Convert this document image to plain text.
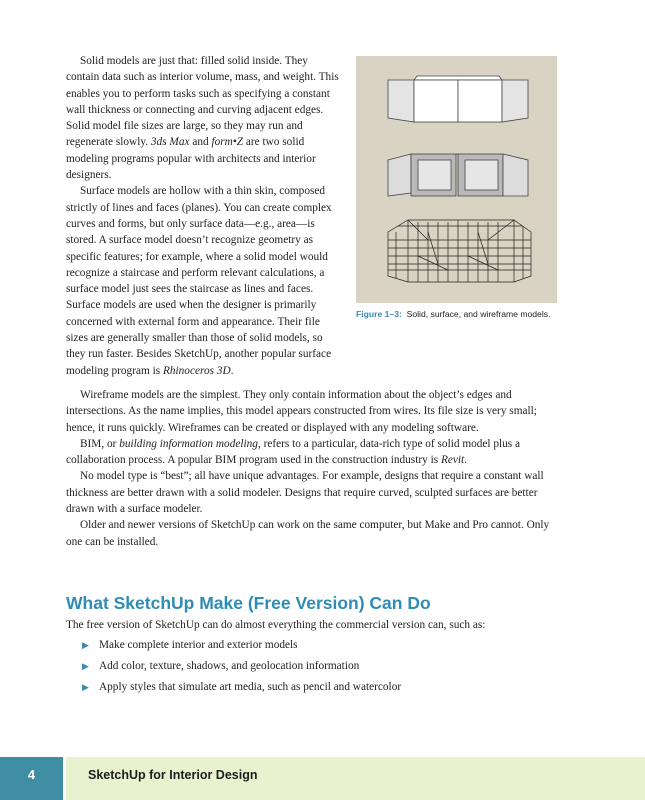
Solid models are just that: filled solid inside. They contain data such as interior volume, mass, and weight. This enables you to perform tasks such as specifying a constant wall thickness or connecting and curving adjacent edges. Solid model file sizes are large, so they may run and regenerate slowly. 3ds Max and form•Z are two solid modeling programs popular with architects and interior designers.

Surface models are hollow with a thin skin, composed strictly of lines and faces (planes). You can create complex curves and forms, but only surface data—e.g., area—is stored. A surface model doesn’t recognize geometry as specific features; for example, where a solid model would recognize a staircase and perform relevant calculations, a surface model just sees the staircase as lines and faces. Surface models are used when the designer is primarily concerned with external form and appearance. Their file sizes are generally smaller than those of solid models, so they run faster. Besides SketchUp, another popular surface modeling program is Rhinoceros 3D.

Figure 1–3: Solid, surface, and wireframe models.

Wireframe models are the simplest. They only contain information about the object’s edges and intersections. As the name implies, this model appears constructed from wires. Its file size is very small; hence, it runs quickly. Wireframes can be created or displayed with any modeling software.

BIM, or building information modeling, refers to a particular, data-rich type of solid model plus a collaboration process. A popular BIM program used in the construction industry is Revit.

No model type is “best”; all have unique advantages. For example, designs that require a constant wall thickness are better drawn with a solid modeler. Designs that require curved, sculpted surfaces are better drawn with a surface modeler.

Older and newer versions of SketchUp can work on the same computer, but Make and Pro cannot. Only one can be installed.

What SketchUp Make (Free Version) Can Do

The free version of SketchUp can do almost everything the commercial version can, such as:

▶ Make complete interior and exterior models
▶ Add color, texture, shadows, and geolocation information
▶ Apply styles that simulate art media, such as pencil and watercolor
4	SketchUp for Interior Design
